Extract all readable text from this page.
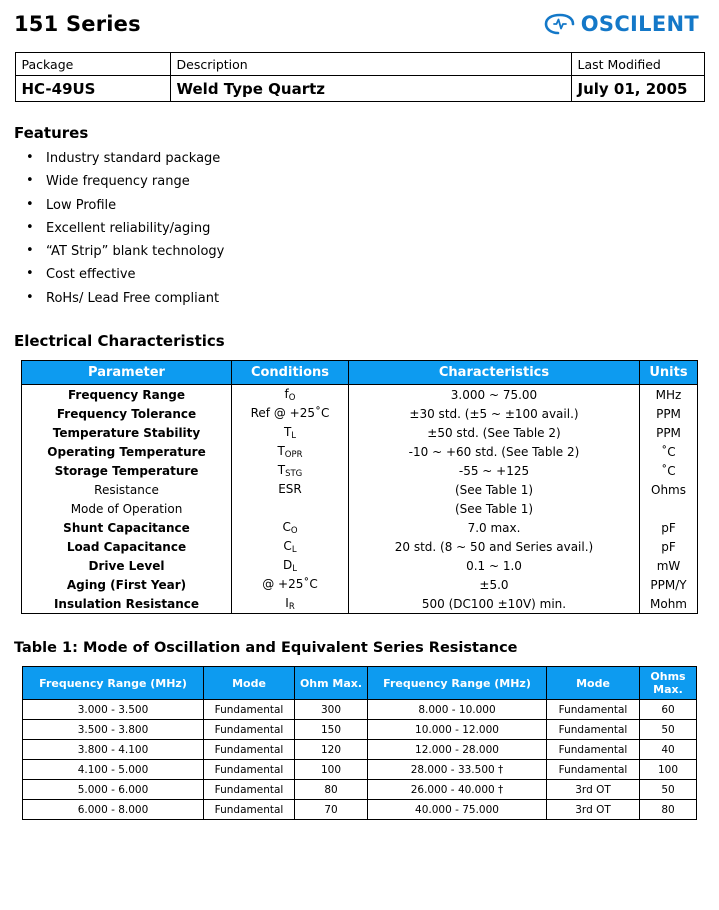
151 Series	OSCILENT
Package	Description	Last Modified
HC-49US	Weld Type Quartz	July 01, 2005
Features
• Industry standard package
• Wide frequency range
• Low Profile
• Excellent reliability/aging
• “AT Strip” blank technology
• Cost effective
• RoHs/ Lead Free compliant
Electrical Characteristics
Parameter	Conditions	Characteristics	Units
Frequency Range	$f_O$	3.000 ~ 75.00	MHz
Frequency Tolerance	Ref @ +25˚C	±30 std. (±5 ~ ±100 avail.)	PPM
Temperature Stability	$T_L$	±50 std. (See Table 2)	PPM
Operating Temperature	$T_{OPR}$	-10 ~ +60 std. (See Table 2)	˚C
Storage Temperature	$T_{STG}$	-55 ~ +125	˚C
Resistance	ESR	(See Table 1)	Ohms
Mode of Operation		(See Table 1)	
Shunt Capacitance	$C_O$	7.0 max.	pF
Load Capacitance	$C_L$	20 std. (8 ~ 50 and Series avail.)	pF
Drive Level	$D_L$	0.1 ~ 1.0	mW
Aging (First Year)	@ +25˚C	±5.0	PPM/Y
Insulation Resistance	$I_R$	500 (DC100 ±10V) min.	Mohm
Table 1: Mode of Oscillation and Equivalent Series Resistance
Frequency Range (MHz)	Mode	Ohm Max.	Frequency Range (MHz)	Mode	Ohms Max.
3.000 - 3.500	Fundamental	300	8.000 - 10.000	Fundamental	60
3.500 - 3.800	Fundamental	150	10.000 - 12.000	Fundamental	50
3.800 - 4.100	Fundamental	120	12.000 - 28.000	Fundamental	40
4.100 - 5.000	Fundamental	100	28.000 - 33.500 †	Fundamental	100
5.000 - 6.000	Fundamental	80	26.000 - 40.000 †	3rd OT	50
6.000 - 8.000	Fundamental	70	40.000 - 75.000	3rd OT	80
